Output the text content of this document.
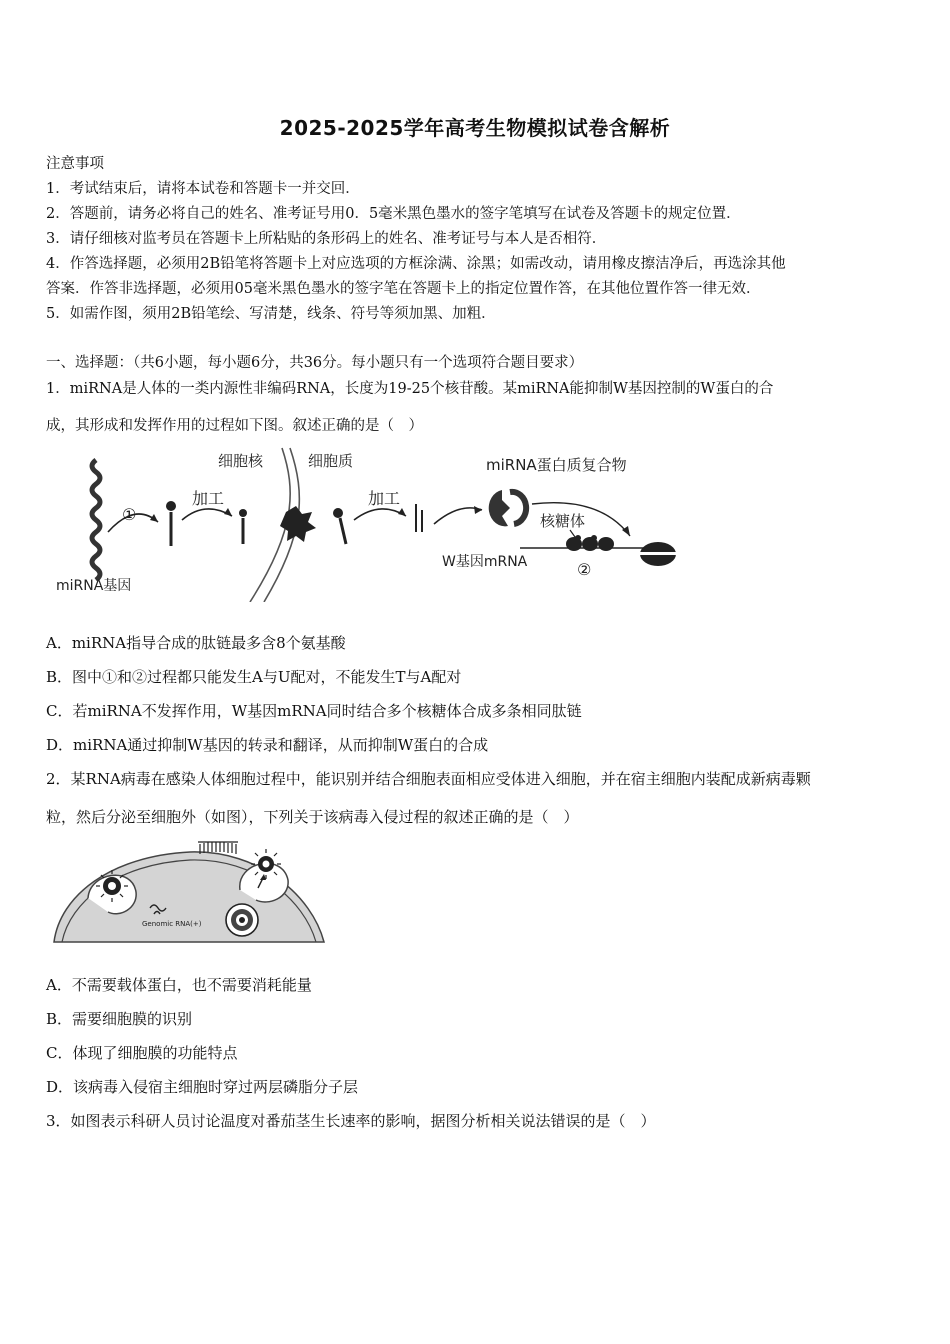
2025-2025学年高考生物模拟试卷含解析
注意事项
1．考试结束后，请将本试卷和答题卡一并交回．
2．答题前，请务必将自己的姓名、准考证号用0．5毫米黑色墨水的签字笔填写在试卷及答题卡的规定位置．
3．请仔细核对监考员在答题卡上所粘贴的条形码上的姓名、准考证号与本人是否相符．
4．作答选择题，必须用2B铅笔将答题卡上对应选项的方框涂满、涂黑；如需改动，请用橡皮擦洁净后，再选涂其他
答案．作答非选择题，必须用05毫米黑色墨水的签字笔在答题卡上的指定位置作答，在其他位置作答一律无效．
5．如需作图，须用2B铅笔绘、写清楚，线条、符号等须加黑、加粗．
一、选择题：（共6小题，每小题6分，共36分。每小题只有一个选项符合题目要求）
1．miRNA是人体的一类内源性非编码RNA，长度为19-25个核苷酸。某miRNA能抑制W基因控制的W蛋白的合
成，其形成和发挥作用的过程如下图。叙述正确的是（　）
miRNA基因
①
加工
细胞核	细胞质
加工
miRNA蛋白质复合物
核糖体
W基因mRNA	②
A．miRNA指导合成的肽链最多含8个氨基酸
B．图中①和②过程都只能发生A与U配对，不能发生T与A配对
C．若miRNA不发挥作用，W基因mRNA同时结合多个核糖体合成多条相同肽链
D．miRNA通过抑制W基因的转录和翻译，从而抑制W蛋白的合成
2．某RNA病毒在感染人体细胞过程中，能识别并结合细胞表面相应受体进入细胞，并在宿主细胞内装配成新病毒颗
粒，然后分泌至细胞外（如图），下列关于该病毒入侵过程的叙述正确的是（　）
Genomic RNA(+)
A．不需要载体蛋白，也不需要消耗能量
B．需要细胞膜的识别
C．体现了细胞膜的功能特点
D．该病毒入侵宿主细胞时穿过两层磷脂分子层
3．如图表示科研人员讨论温度对番茄茎生长速率的影响，据图分析相关说法错误的是（　）
